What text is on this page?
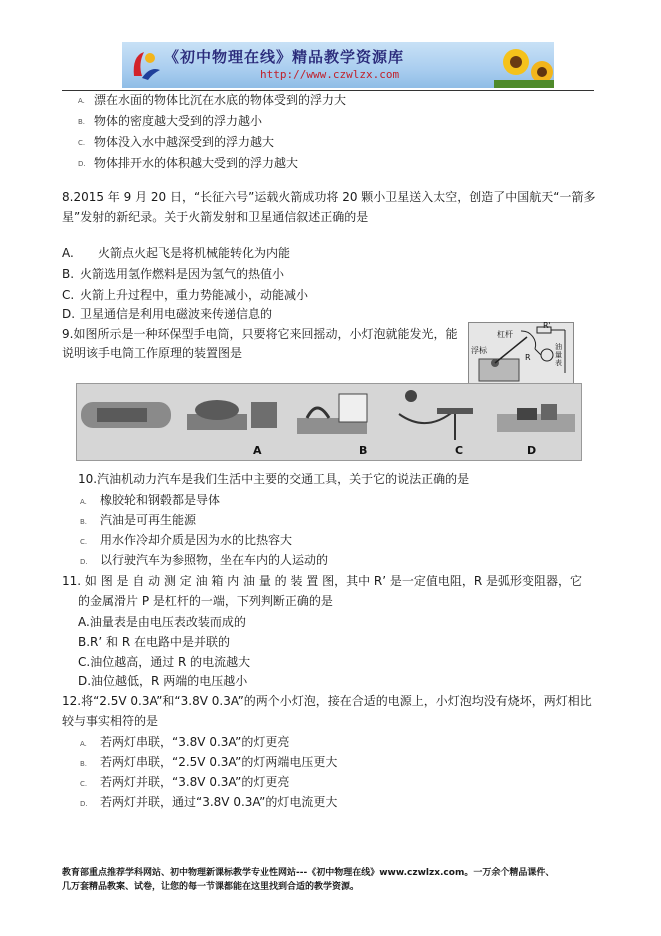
《初中物理在线》精品教学资源库
http://www.czwlzx.com
A. 漂在水面的物体比沉在水底的物体受到的浮力大
B. 物体的密度越大受到的浮力越小
C. 物体没入水中越深受到的浮力越大
D. 物体排开水的体积越大受到的浮力越大
8.2015 年 9 月 20 日，“长征六号”运载火箭成功将 20 颗小卫星送入太空，创造了中国航天“一箭多
星”发射的新纪录。关于火箭发射和卫星通信叙述正确的是
A. 火箭点火起飞是将机械能转化为内能
B. 火箭选用氢作燃料是因为氢气的热值小
C. 火箭上升过程中，重力势能减小，动能减小
D. 卫星通信是利用电磁波来传递信息的
9.如图所示是一种环保型手电筒，只要将它来回摇动，小灯泡就能发光，能
说明该手电筒工作原理的装置图是
R'
杠杆
浮标
R
油量表
A	B	C	D
10.汽油机动力汽车是我们生活中主要的交通工具，关于它的说法正确的是
A. 橡胶轮和钢毂都是导体
B. 汽油是可再生能源
C. 用水作冷却介质是因为水的比热容大
D. 以行驶汽车为参照物，坐在车内的人运动的
11. 如 图 是 自 动 测 定 油 箱 内 油 量 的 装 置 图，其中 R’ 是一定值电阻，R 是弧形变阻器，它
的金属滑片 P 是杠杆的一端，下列判断正确的是
A.油量表是由电压表改装而成的
B.R’ 和 R 在电路中是并联的
C.油位越高，通过 R 的电流越大
D.油位越低，R 两端的电压越小
12.将“2.5V 0.3A”和“3.8V 0.3A”的两个小灯泡，接在合适的电源上，小灯泡均没有烧坏，两灯相比
较与事实相符的是
A. 若两灯串联，“3.8V 0.3A”的灯更亮
B. 若两灯串联，“2.5V 0.3A”的灯两端电压更大
C. 若两灯并联，“3.8V 0.3A”的灯更亮
D. 若两灯并联，通过“3.8V 0.3A”的灯电流更大
教育部重点推荐学科网站、初中物理新课标教学专业性网站---《初中物理在线》www.czwlzx.com。一万余个精品课件、
几万套精品教案、试卷，让您的每一节课都能在这里找到合适的教学资源。
